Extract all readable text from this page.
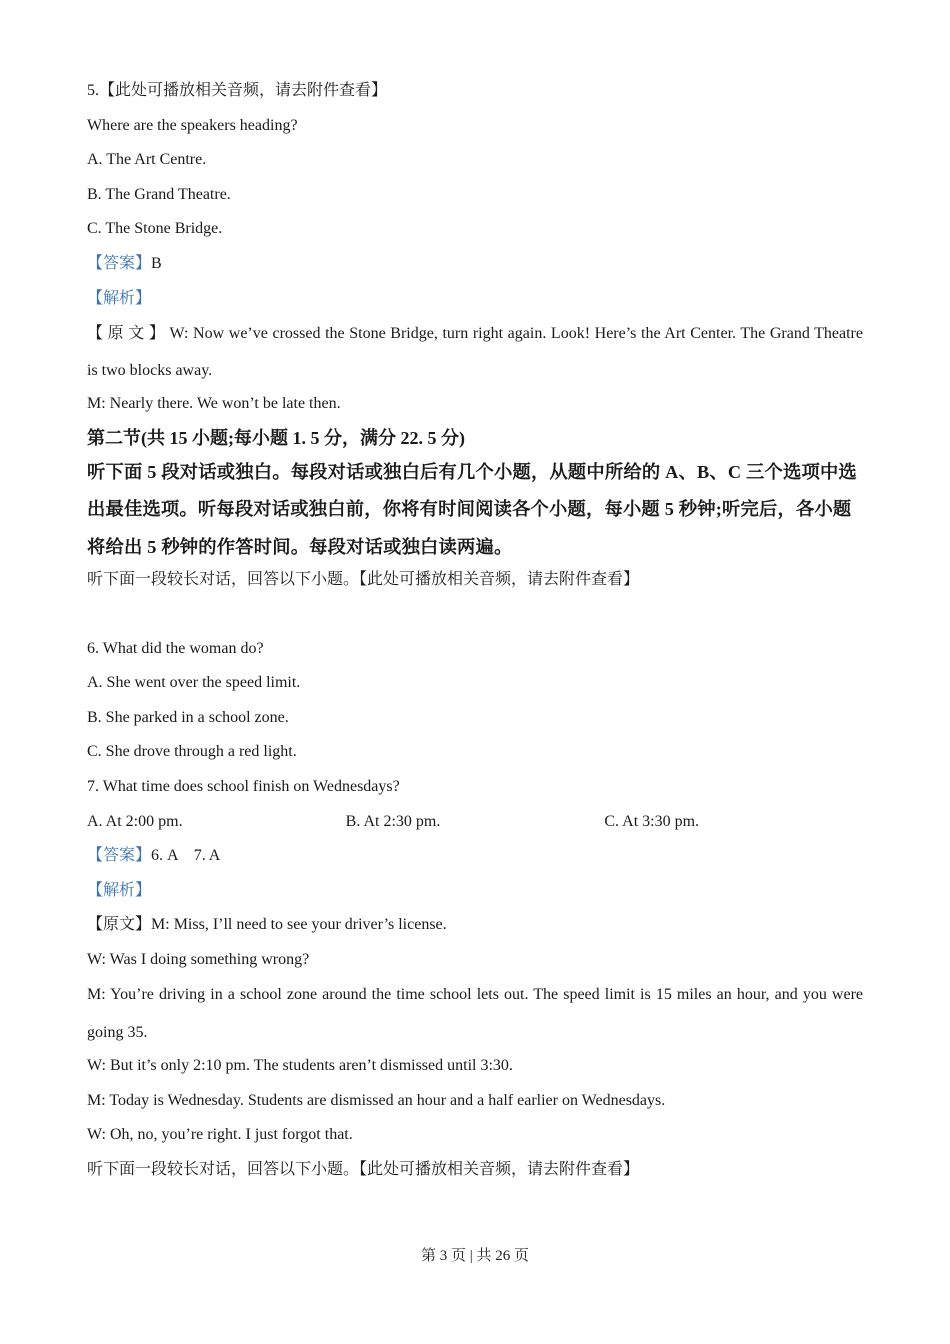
5.【此处可播放相关音频，请去附件查看】

Where are the speakers heading?

A. The Art Centre.

B. The Grand Theatre.

C. The Stone Bridge.

【答案】B

【解析】

【原文】W: Now we’ve crossed the Stone Bridge, turn right again. Look! Here’s the Art Center. The Grand Theatre is two blocks away.

M: Nearly there. We won’t be late then.

第二节(共 15 小题;每小题 1. 5 分，满分 22. 5 分)

听下面 5 段对话或独白。每段对话或独白后有几个小题，从题中所给的 A、B、C 三个选项中选出最佳选项。听每段对话或独白前，你将有时间阅读各个小题，每小题 5 秒钟;听完后，各小题将给出 5 秒钟的作答时间。每段对话或独白读两遍。

听下面一段较长对话，回答以下小题。【此处可播放相关音频，请去附件查看】

6. What did the woman do?

A. She went over the speed limit.

B. She parked in a school zone.

C. She drove through a red light.

7. What time does school finish on Wednesdays?

A. At 2:00 pm.	B. At 2:30 pm.	C. At 3:30 pm.

【答案】6. A    7. A

【解析】

【原文】M: Miss, I’ll need to see your driver’s license.

W: Was I doing something wrong?

M: You’re driving in a school zone around the time school lets out. The speed limit is 15 miles an hour, and you were going 35.

W: But it’s only 2:10 pm. The students aren’t dismissed until 3:30.

M: Today is Wednesday. Students are dismissed an hour and a half earlier on Wednesdays.

W: Oh, no, you’re right. I just forgot that.

听下面一段较长对话，回答以下小题。【此处可播放相关音频，请去附件查看】

第 3 页 | 共 26 页
